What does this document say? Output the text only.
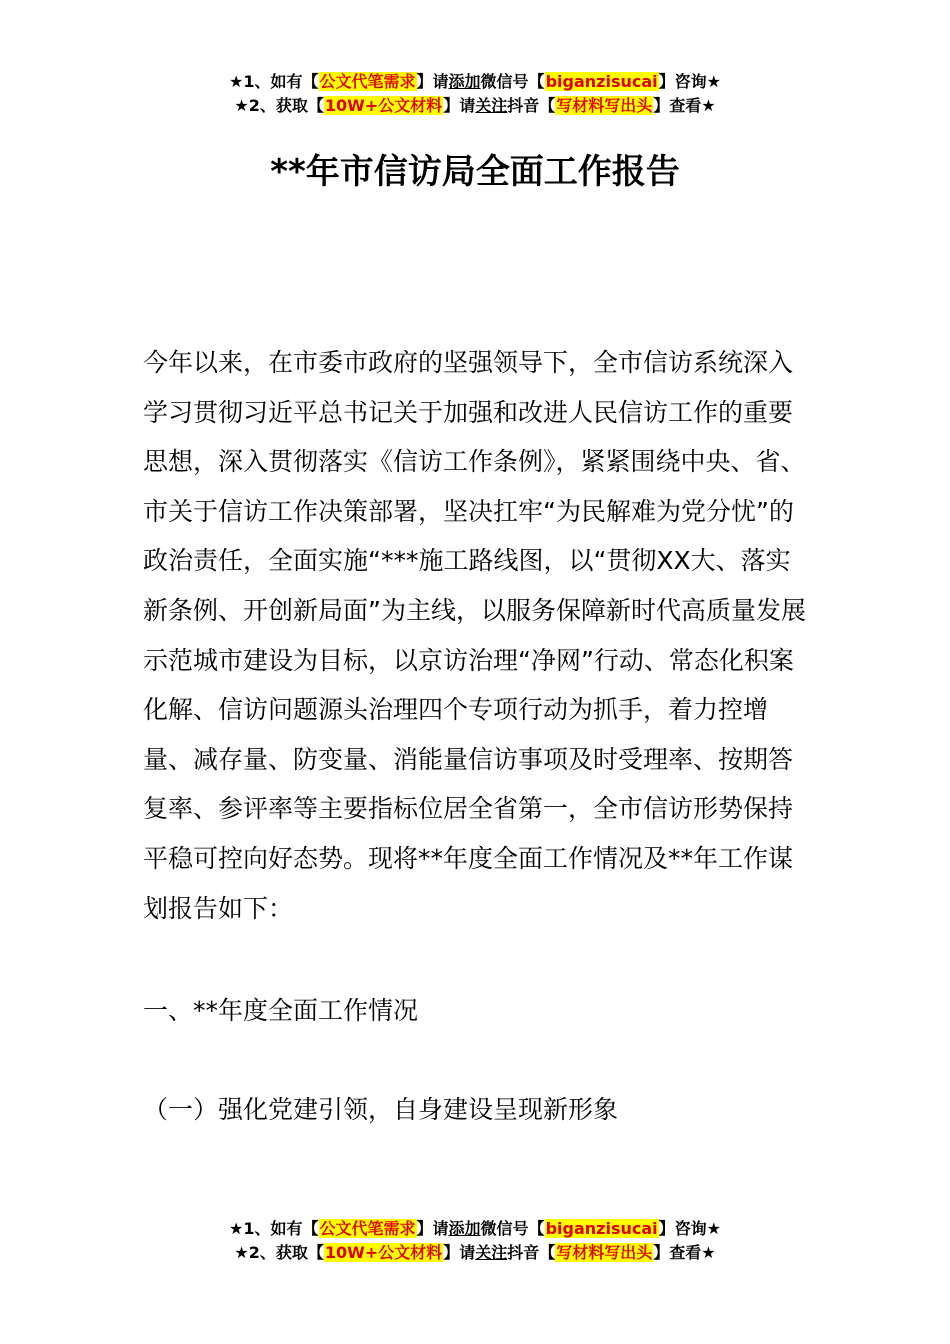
★1、如有【公文代笔需求】请添加微信号【biganzisucai】咨询★
★2、获取【10W+公文材料】请关注抖音【写材料写出头】查看★
**年市信访局全面工作报告

今年以来，在市委市政府的坚强领导下，全市信访系统深入学习贯彻习近平总书记关于加强和改进人民信访工作的重要思想，深入贯彻落实《信访工作条例》，紧紧围绕中央、省、市关于信访工作决策部署，坚决扛牢“为民解难为党分忧”的政治责任，全面实施“***施工路线图，以“贯彻XX大、落实新条例、开创新局面”为主线，以服务保障新时代高质量发展示范城市建设为目标，以京访治理“净网”行动、常态化积案化解、信访问题源头治理四个专项行动为抓手，着力控增量、减存量、防变量、消能量信访事项及时受理率、按期答复率、参评率等主要指标位居全省第一，全市信访形势保持平稳可控向好态势。现将**年度全面工作情况及**年工作谋划报告如下：

一、**年度全面工作情况

（一）强化党建引领，自身建设呈现新形象

★1、如有【公文代笔需求】请添加微信号【biganzisucai】咨询★
★2、获取【10W+公文材料】请关注抖音【写材料写出头】查看★
